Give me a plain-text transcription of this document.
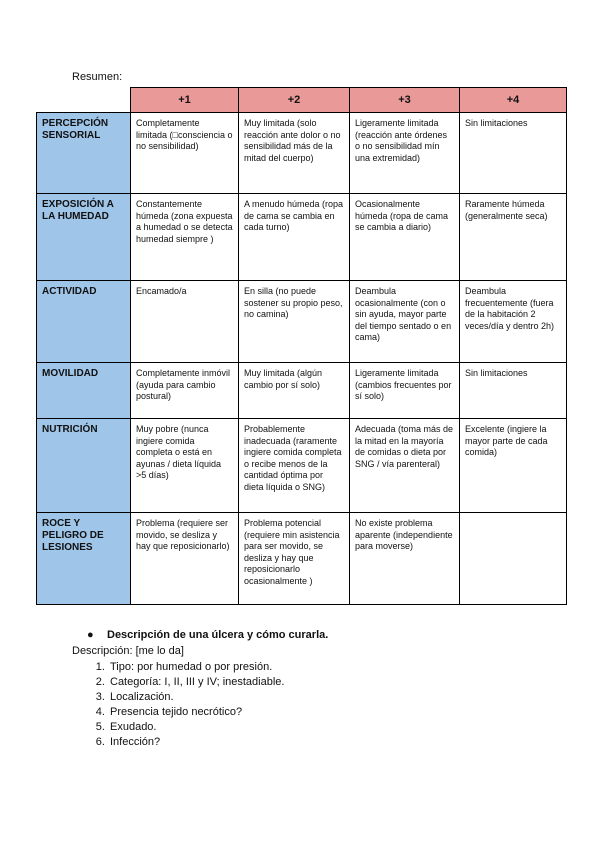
Resumen:
	+1	+2	+3	+4
PERCEPCIÓN SENSORIAL	Completamente limitada (□consciencia o no sensibilidad)	Muy limitada (solo reacción ante dolor o no sensibilidad más de la mitad del cuerpo)	Ligeramente limitada (reacción ante órdenes o no sensibilidad mín una extremidad)	Sin limitaciones
EXPOSICIÓN A LA HUMEDAD	Constantemente húmeda (zona expuesta a humedad o se detecta humedad siempre )	A menudo húmeda (ropa de cama se cambia en cada turno)	Ocasionalmente húmeda (ropa de cama se cambia a diario)	Raramente húmeda (generalmente seca)
ACTIVIDAD	Encamado/a	En silla (no puede sostener su propio peso, no camina)	Deambula ocasionalmente (con o sin ayuda, mayor parte del tiempo sentado o en cama)	Deambula frecuentemente (fuera de la habitación 2 veces/día y dentro 2h)
MOVILIDAD	Completamente inmóvil (ayuda para cambio postural)	Muy limitada (algún cambio por sí solo)	Ligeramente limitada (cambios frecuentes por sí solo)	Sin limitaciones
NUTRICIÓN	Muy pobre (nunca ingiere comida completa o está en ayunas / dieta líquida >5 días)	Probablemente inadecuada (raramente ingiere comida completa o recibe menos de la cantidad óptima por dieta líquida o SNG)	Adecuada (toma más de la mitad en la mayoría de comidas o dieta por SNG / vía parenteral)	Excelente (ingiere la mayor parte de cada comida)
ROCE Y PELIGRO DE LESIONES	Problema (requiere ser movido, se desliza y hay que reposicionarlo)	Problema potencial (requiere min asistencia para ser movido, se desliza y hay que reposicionarlo ocasionalmente )	No existe problema aparente (independiente para moverse)	
● Descripción de una úlcera y cómo curarla.
Descripción: [me lo da]
1. Tipo: por humedad o por presión.
2. Categoría: I, II, III y IV; inestadiable.
3. Localización.
4. Presencia tejido necrótico?
5. Exudado.
6. Infección?
